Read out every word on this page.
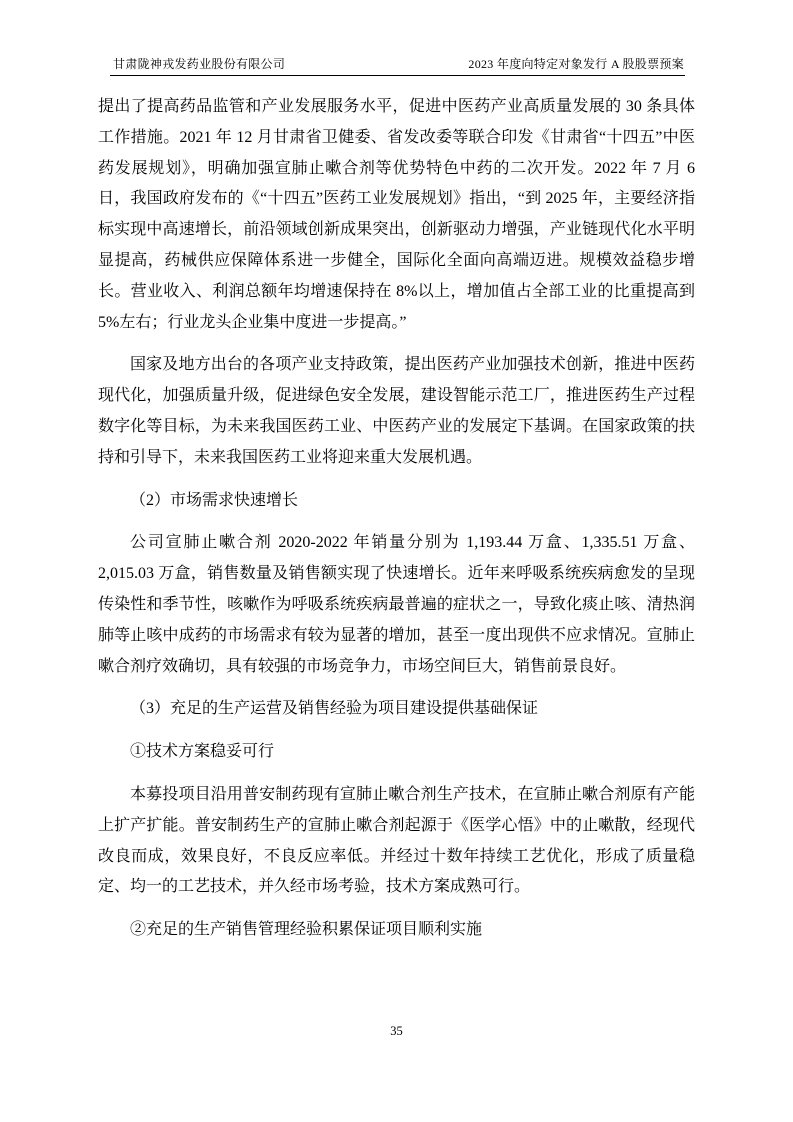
甘肃陇神戎发药业股份有限公司	2023 年度向特定对象发行 A 股股票预案

提出了提高药品监管和产业发展服务水平，促进中医药产业高质量发展的 30 条具体工作措施。2021 年 12 月甘肃省卫健委、省发改委等联合印发《甘肃省“十四五”中医药发展规划》，明确加强宣肺止嗽合剂等优势特色中药的二次开发。2022 年 7 月 6 日，我国政府发布的《“十四五”医药工业发展规划》指出，“到 2025 年，主要经济指标实现中高速增长，前沿领域创新成果突出，创新驱动力增强，产业链现代化水平明显提高，药械供应保障体系进一步健全，国际化全面向高端迈进。规模效益稳步增长。营业收入、利润总额年均增速保持在 8%以上，增加值占全部工业的比重提高到 5%左右；行业龙头企业集中度进一步提高。”

国家及地方出台的各项产业支持政策，提出医药产业加强技术创新，推进中医药现代化，加强质量升级，促进绿色安全发展，建设智能示范工厂，推进医药生产过程数字化等目标，为未来我国医药工业、中医药产业的发展定下基调。在国家政策的扶持和引导下，未来我国医药工业将迎来重大发展机遇。

（2）市场需求快速增长

公司宣肺止嗽合剂 2020-2022 年销量分别为 1,193.44 万盒、1,335.51 万盒、2,015.03 万盒，销售数量及销售额实现了快速增长。近年来呼吸系统疾病愈发的呈现传染性和季节性，咳嗽作为呼吸系统疾病最普遍的症状之一，导致化痰止咳、清热润肺等止咳中成药的市场需求有较为显著的增加，甚至一度出现供不应求情况。宣肺止嗽合剂疗效确切，具有较强的市场竞争力，市场空间巨大，销售前景良好。

（3）充足的生产运营及销售经验为项目建设提供基础保证

①技术方案稳妥可行

本募投项目沿用普安制药现有宣肺止嗽合剂生产技术，在宣肺止嗽合剂原有产能上扩产扩能。普安制药生产的宣肺止嗽合剂起源于《医学心悟》中的止嗽散，经现代改良而成，效果良好，不良反应率低。并经过十数年持续工艺优化，形成了质量稳定、均一的工艺技术，并久经市场考验，技术方案成熟可行。

②充足的生产销售管理经验积累保证项目顺利实施

35
